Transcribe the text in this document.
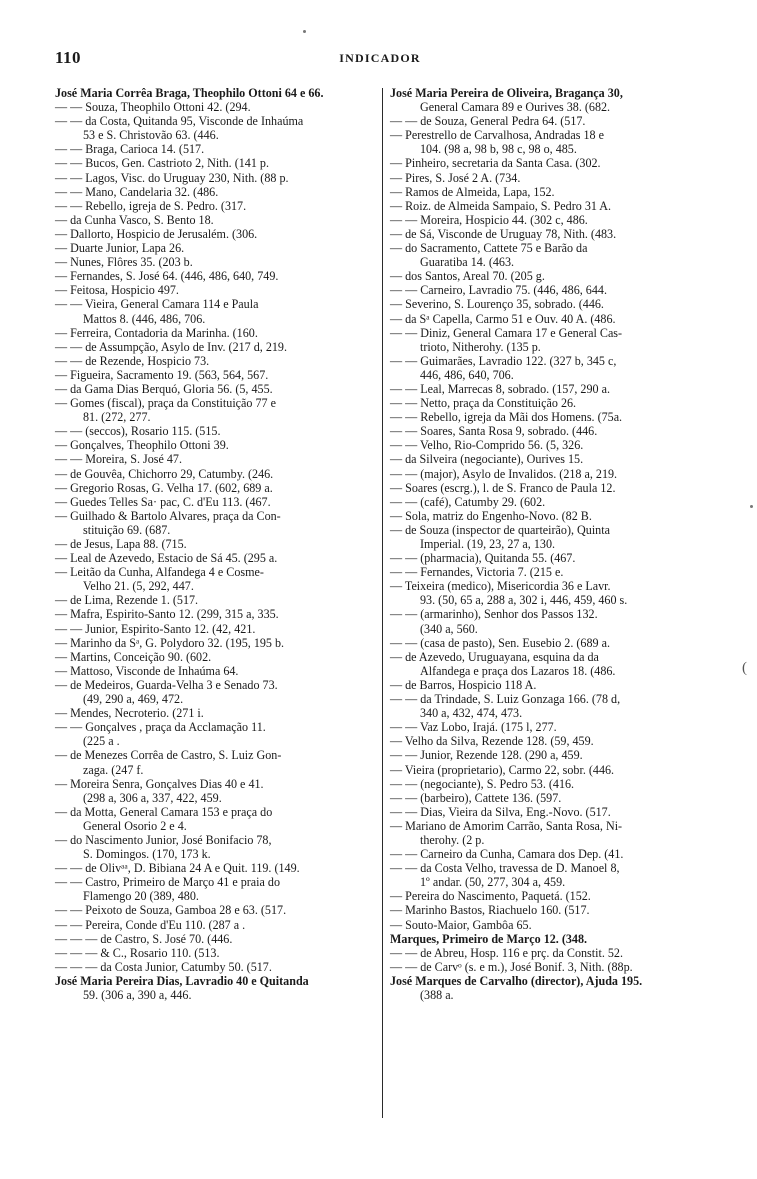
110	INDICADOR
José Maria Corrêa Braga, Theophilo Ottoni 64 e 66.
— — Souza, Theophilo Ottoni 42. (294.
— — da Costa, Quitanda 95, Visconde de Inhaúma
53 e S. Christovão 63. (446.
— — Braga, Carioca 14. (517.
— — Bucos, Gen. Castrioto 2, Nith. (141 p.
— — Lagos, Visc. do Uruguay 230, Nith. (88 p.
— — Mano, Candelaria 32. (486.
— — Rebello, igreja de S. Pedro. (317.
— da Cunha Vasco, S. Bento 18.
— Dallorto, Hospicio de Jerusalém. (306.
— Duarte Junior, Lapa 26.
— Nunes, Flôres 35. (203 b.
— Fernandes, S. José 64. (446, 486, 640, 749.
— Feitosa, Hospicio 497.
— — Vieira, General Camara 114 e Paula
Mattos 8. (446, 486, 706.
— Ferreira, Contadoria da Marinha. (160.
— — de Assumpção, Asylo de Inv. (217 d, 219.
— — de Rezende, Hospicio 73.
— Figueira, Sacramento 19. (563, 564, 567.
— da Gama Dias Berquó, Gloria 56. (5, 455.
— Gomes (fiscal), praça da Constituição 77 e
81. (272, 277.
— — (seccos), Rosario 115. (515.
— Gonçalves, Theophilo Ottoni 39.
— — Moreira, S. José 47.
— de Gouvêa, Chichorro 29, Catumby. (246.
— Gregorio Rosas, G. Velha 17. (602, 689 a.
— Guedes Telles Sa· pac, C. d'Eu 113. (467.
— Guilhado & Bartolo Alvares, praça da Con-
stituição 69. (687.
— de Jesus, Lapa 88. (715.
— Leal de Azevedo, Estacio de Sá 45. (295 a.
— Leitão da Cunha, Alfandega 4 e Cosme-
Velho 21. (5, 292, 447.
— de Lima, Rezende 1. (517.
— Mafra, Espirito-Santo 12. (299, 315 a, 335.
— — Junior, Espirito-Santo 12. (42, 421.
— Marinho da Sᵃ, G. Polydoro 32. (195, 195 b.
— Martins, Conceição 90. (602.
— Mattoso, Visconde de Inhaúma 64.
— de Medeiros, Guarda-Velha 3 e Senado 73.
(49, 290 a, 469, 472.
— Mendes, Necroterio. (271 i.
— — Gonçalves , praça da Acclamação 11.
(225 a .
— de Menezes Corrêa de Castro, S. Luiz Gon-
zaga. (247 f.
— Moreira Senra, Gonçalves Dias 40 e 41.
(298 a, 306 a, 337, 422, 459.
— da Motta, General Camara 153 e praça do
General Osorio 2 e 4.
— do Nascimento Junior, José Bonifacio 78,
S. Domingos. (170, 173 k.
— — de Olivᵃᵃ, D. Bibiana 24 A e Quit. 119. (149.
— — Castro, Primeiro de Março 41 e praia do
Flamengo 20 (389, 480.
— — Peixoto de Souza, Gamboa 28 e 63. (517.
— — Pereira, Conde d'Eu 110. (287 a .
— — — de Castro, S. José 70. (446.
— — — & C., Rosario 110. (513.
— — — da Costa Junior, Catumby 50. (517.
José Maria Pereira Dias, Lavradio 40 e Quitanda
59. (306 a, 390 a, 446.
José Maria Pereira de Oliveira, Bragança 30,
General Camara 89 e Ourives 38. (682.
— — de Souza, General Pedra 64. (517.
— Perestrello de Carvalhosa, Andradas 18 e
104. (98 a, 98 b, 98 c, 98 o, 485.
— Pinheiro, secretaria da Santa Casa. (302.
— Pires, S. José 2 A. (734.
— Ramos de Almeida, Lapa, 152.
— Roiz. de Almeida Sampaio, S. Pedro 31 A.
— — Moreira, Hospicio 44. (302 c, 486.
— de Sá, Visconde de Uruguay 78, Nith. (483.
— do Sacramento, Cattete 75 e Barão da
Guaratiba 14. (463.
— dos Santos, Areal 70. (205 g.
— — Carneiro, Lavradio 75. (446, 486, 644.
— Severino, S. Lourenço 35, sobrado. (446.
— da Sᵃ Capella, Carmo 51 e Ouv. 40 A. (486.
— — Diniz, General Camara 17 e General Cas-
trioto, Nitherohy. (135 p.
— — Guimarães, Lavradio 122. (327 b, 345 c,
446, 486, 640, 706.
— — Leal, Marrecas 8, sobrado. (157, 290 a.
— — Netto, praça da Constituição 26.
— — Rebello, igreja da Mãi dos Homens. (75a.
— — Soares, Santa Rosa 9, sobrado. (446.
— — Velho, Rio-Comprido 56. (5, 326.
— da Silveira (negociante), Ourives 15.
— — (major), Asylo de Invalidos. (218 a, 219.
— Soares (escrg.), l. de S. Franco de Paula 12.
— — (café), Catumby 29. (602.
— Sola, matriz do Engenho-Novo. (82 B.
— de Souza (inspector de quarteirão), Quinta
Imperial. (19, 23, 27 a, 130.
— — (pharmacia), Quitanda 55. (467.
— — Fernandes, Victoria 7. (215 e.
— Teixeira (medico), Misericordia 36 e Lavr.
93. (50, 65 a, 288 a, 302 i, 446, 459, 460 s.
— — (armarinho), Senhor dos Passos 132.
(340 a, 560.
— — (casa de pasto), Sen. Eusebio 2. (689 a.
— de Azevedo, Uruguayana, esquina da da
Alfandega e praça dos Lazaros 18. (486.
— de Barros, Hospicio 118 A.
— — da Trindade, S. Luiz Gonzaga 166. (78 d,
340 a, 432, 474, 473.
— — Vaz Lobo, Irajá. (175 l, 277.
— Velho da Silva, Rezende 128. (59, 459.
— — Junior, Rezende 128. (290 a, 459.
— Vieira (proprietario), Carmo 22, sobr. (446.
— — (negociante), S. Pedro 53. (416.
— — (barbeiro), Cattete 136. (597.
— — Dias, Vieira da Silva, Eng.-Novo. (517.
— Mariano de Amorim Carrão, Santa Rosa, Ni-
therohy. (2 p.
— — Carneiro da Cunha, Camara dos Dep. (41.
— — da Costa Velho, travessa de D. Manoel 8,
1º andar. (50, 277, 304 a, 459.
— Pereira do Nascimento, Paquetá. (152.
— Marinho Bastos, Riachuelo 160. (517.
— Souto-Maior, Gambôa 65.
Marques, Primeiro de Março 12. (348.
— — de Abreu, Hosp. 116 e prç. da Constit. 52.
— — de Carvᵒ (s. e m.), José Bonif. 3, Nith. (88p.
José Marques de Carvalho (director), Ajuda 195.
(388 a.
(
